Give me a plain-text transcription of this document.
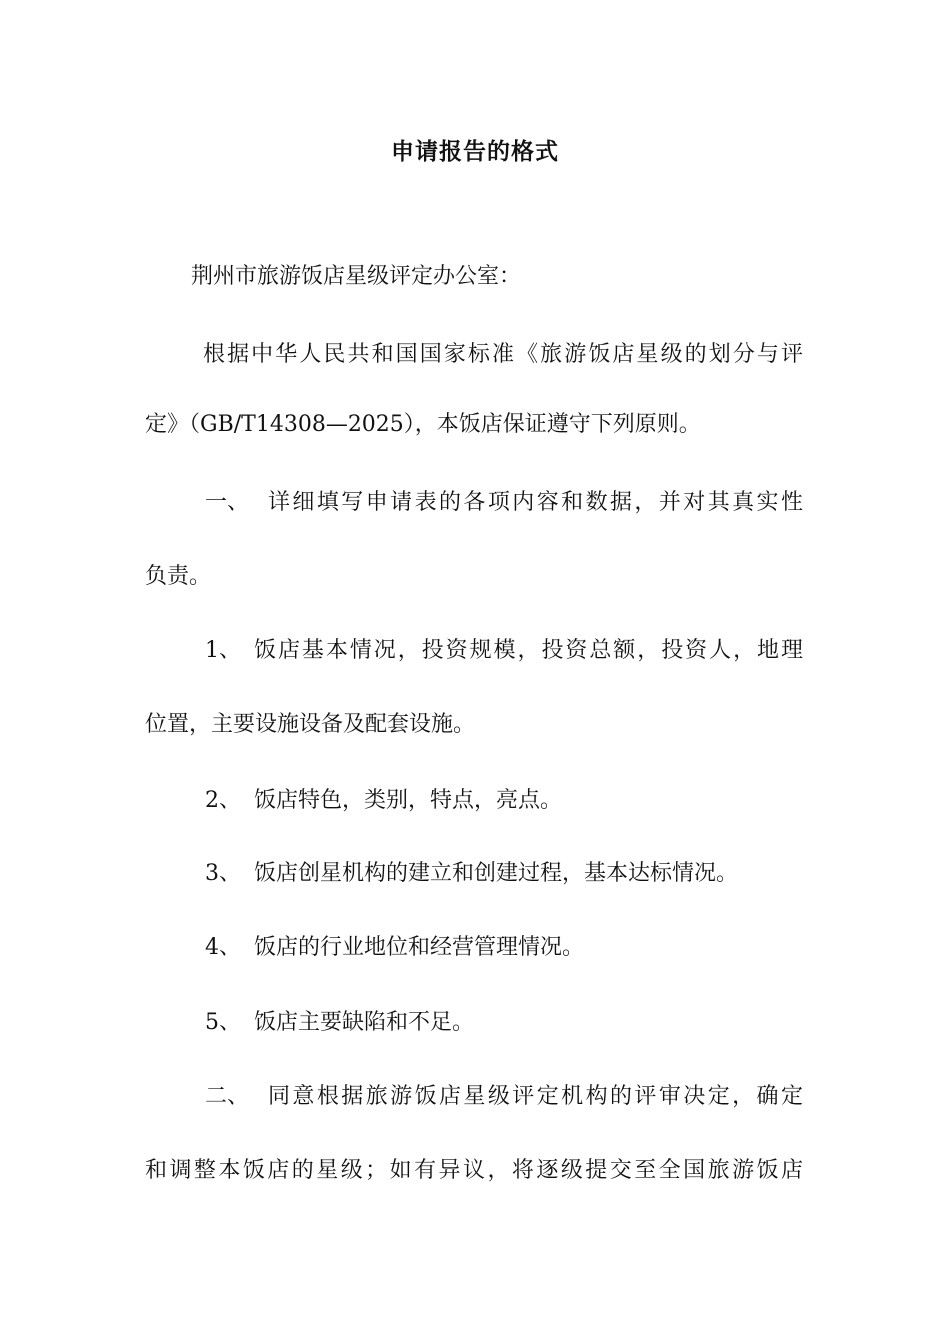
申请报告的格式
荆州市旅游饭店星级评定办公室：
根据中华人民共和国国家标准《旅游饭店星级的划分与评
定》（GB/T14308—2025），本饭店保证遵守下列原则。
一、 详细填写申请表的各项内容和数据，并对其真实性
负责。
1、 饭店基本情况，投资规模，投资总额，投资人，地理
位置，主要设施设备及配套设施。
2、 饭店特色，类别，特点，亮点。
3、 饭店创星机构的建立和创建过程，基本达标情况。
4、 饭店的行业地位和经营管理情况。
5、 饭店主要缺陷和不足。
二、 同意根据旅游饭店星级评定机构的评审决定，确定
和调整本饭店的星级；如有异议，将逐级提交至全国旅游饭店
